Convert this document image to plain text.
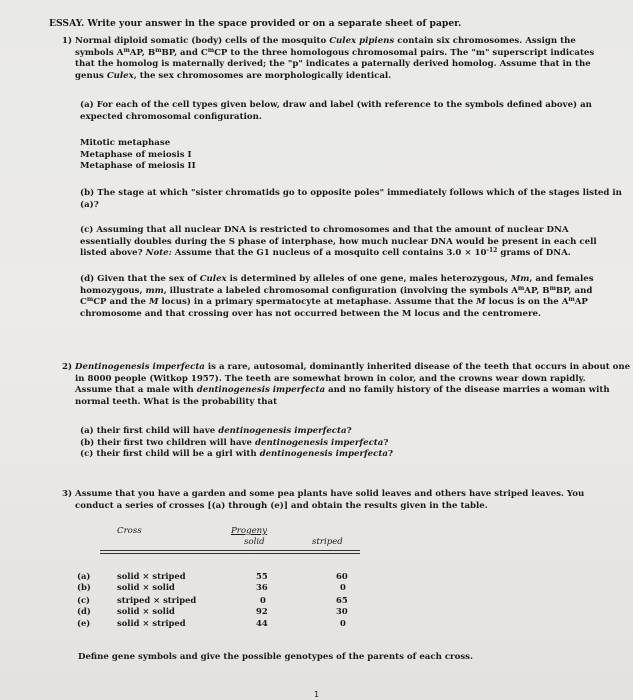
ESSAY. Write your answer in the space provided or on a separate sheet of paper.

1) Normal diploid somatic (body) cells of the mosquito Culex pipiens contain six chromosomes. Assign the

symbols $A^mAP$, $B^mBP$, and $C^mCP$ to the three homologous chromosomal pairs. The "m" superscript indicates

that the homolog is maternally derived; the "p" indicates a paternally derived homolog. Assume that in the

genus Culex, the sex chromosomes are morphologically identical.

(a) For each of the cell types given below, draw and label (with reference to the symbols defined above) an

expected chromosomal configuration.

Mitotic metaphase

Metaphase of meiosis I

Metaphase of meiosis II

(b) The stage at which "sister chromatids go to opposite poles" immediately follows which of the stages listed in

(a)?

(c) Assuming that all nuclear DNA is restricted to chromosomes and that the amount of nuclear DNA

essentially doubles during the S phase of interphase, how much nuclear DNA would be present in each cell

listed above? Note: Assume that the G1 nucleus of a mosquito cell contains $3.0 \times 10^{-12}$ grams of DNA.

(d) Given that the sex of Culex is determined by alleles of one gene, males heterozygous, Mm, and females

homozygous, mm, illustrate a labeled chromosomal configuration (involving the symbols $A^mAP$, $B^mBP$, and

$C^mCP$ and the M locus) in a primary spermatocyte at metaphase. Assume that the M locus is on the $A^mAP$

chromosome and that crossing over has not occurred between the M locus and the centromere.

2) Dentinogenesis imperfecta is a rare, autosomal, dominantly inherited disease of the teeth that occurs in about one

in 8000 people (Witkop 1957). The teeth are somewhat brown in color, and the crowns wear down rapidly.

Assume that a male with dentinogenesis imperfecta and no family history of the disease marries a woman with

normal teeth. What is the probability that

(a) their first child will have dentinogenesis imperfecta?

(b) their first two children will have dentinogenesis imperfecta?

(c) their first child will be a girl with dentinogenesis imperfecta?

3) Assume that you have a garden and some pea plants have solid leaves and others have striped leaves. You

conduct a series of crosses [(a) through (e)] and obtain the results given in the table.

Cross	Progeny
solid	striped
(a)	solid × striped	55	60
(b)	solid × solid	36	0
(c)	striped × striped	0	65
(d)	solid × solid	92	30
(e)	solid × striped	44	0
Define gene symbols and give the possible genotypes of the parents of each cross.
1
